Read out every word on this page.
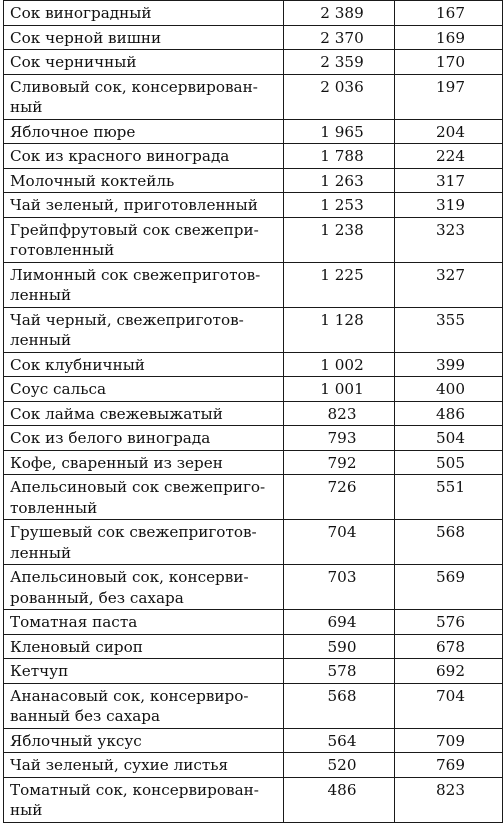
Сок виноградный	2 389	167
Сок черной вишни	2 370	169
Сок черничный	2 359	170
Сливовый сок, консервирован-ный	2 036	197
Яблочное пюре	1 965	204
Сок из красного винограда	1 788	224
Молочный коктейль	1 263	317
Чай зеленый, приготовленный	1 253	319
Грейпфрутовый сок свежепри-готовленный	1 238	323
Лимонный сок свежеприготов-ленный	1 225	327
Чай черный, свежеприготов-ленный	1 128	355
Сок клубничный	1 002	399
Соус сальса	1 001	400
Сок лайма свежевыжатый	823	486
Сок из белого винограда	793	504
Кофе, сваренный из зерен	792	505
Апельсиновый сок свежеприго-товленный	726	551
Грушевый сок свежеприготов-ленный	704	568
Апельсиновый сок, консерви-рованный, без сахара	703	569
Томатная паста	694	576
Кленовый сироп	590	678
Кетчуп	578	692
Ананасовый сок, консервиро-ванный без сахара	568	704
Яблочный уксус	564	709
Чай зеленый, сухие листья	520	769
Томатный сок, консервирован-ный	486	823
